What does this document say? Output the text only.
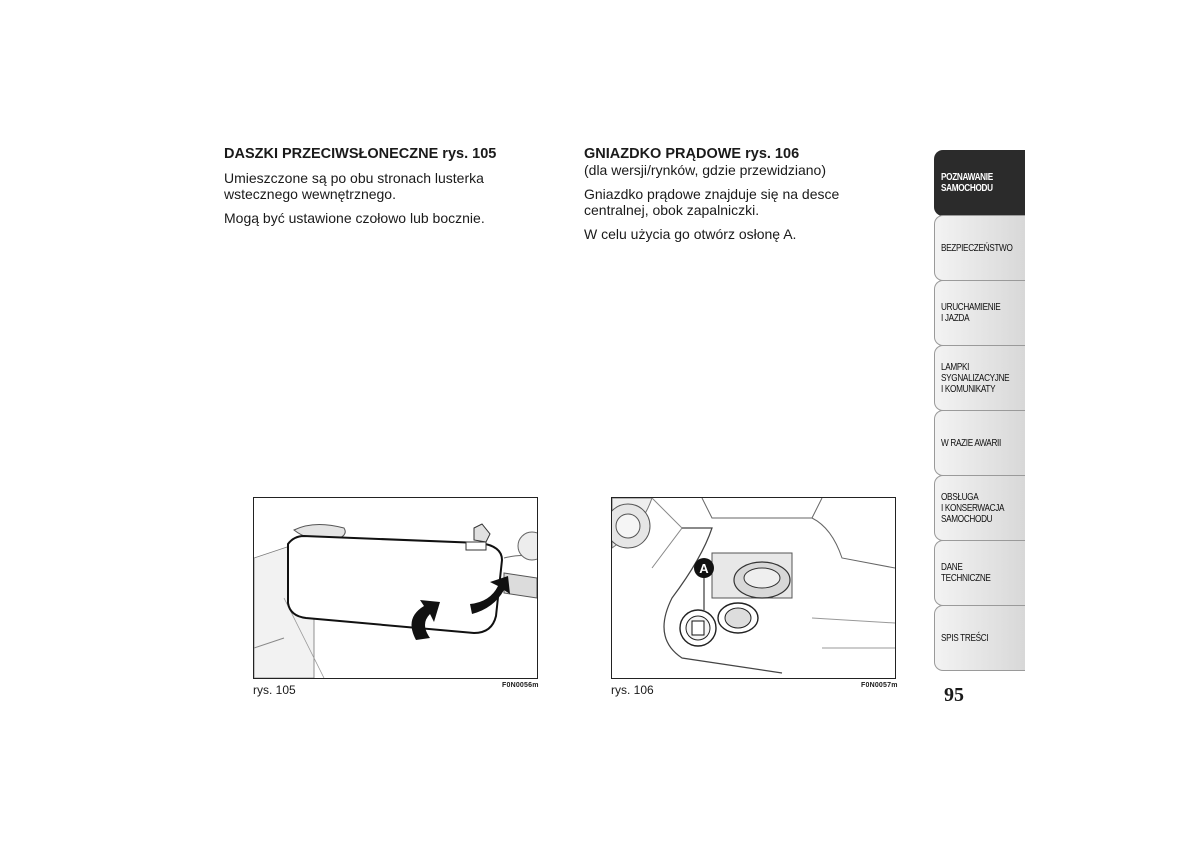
DASZKI PRZECIWSŁONECZNE rys. 105

Umieszczone są po obu stronach lusterka wstecznego wewnętrznego.

Mogą być ustawione czołowo lub bocznie.

GNIAZDKO PRĄDOWE rys. 106

(dla wersji/rynków, gdzie przewidziano)

Gniazdko prądowe znajduje się na desce centralnej, obok zapalniczki.

W celu użycia go otwórz osłonę A.

rys. 105	F0N0056m
A
rys. 106	F0N0057m 95
POZNAWANIE
SAMOCHODU
BEZPIECZEŃSTWO
URUCHAMIENIE
I JAZDA
LAMPKI
SYGNALIZACYJNE
I KOMUNIKATY
W RAZIE AWARII
OBSŁUGA
I KONSERWACJA
SAMOCHODU
DANE TECHNICZNE
SPIS TREŚCI
